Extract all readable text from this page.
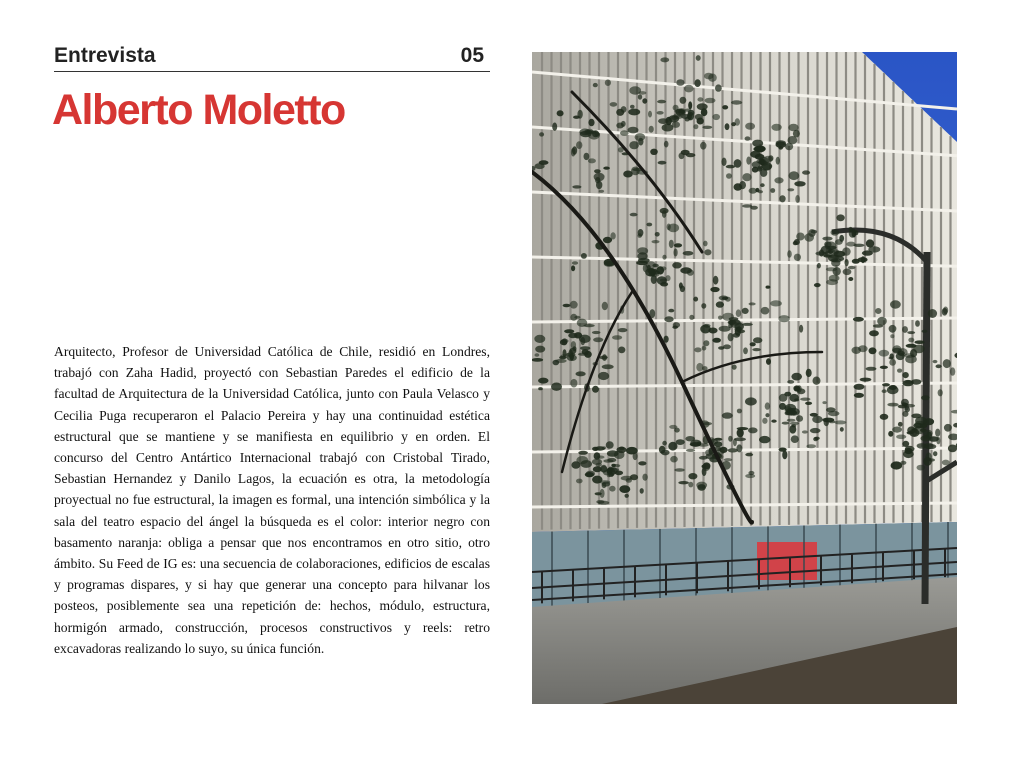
Entrevista	05
Alberto Moletto

Arquitecto, Profesor de Universidad Católica de Chile, residió en Londres, trabajó con Zaha Hadid, proyectó con Sebastian Paredes el edificio de la facultad de Arquitectura de la Universidad Católica, junto con Paula Velasco y Cecilia Puga recuperaron el Palacio Pereira y hay una continuidad estética estructural que se mantiene y se manifiesta en equilibrio y en orden. El concurso del Centro Antártico Internacional trabajó con Cristobal Tirado, Sebastian Hernandez y Danilo Lagos, la ecuación es otra, la metodología proyectual no fue estructural, la imagen es formal, una intención simbólica y la sala del teatro espacio del ángel la búsqueda es el color: interior negro con basamento naranja: obliga a pensar que nos encontramos en otro sitio, otro ámbito. Su Feed de IG es: una secuencia de colaboraciones, edificios de escalas y programas dispares, y si hay que generar una concepto para hilvanar los posteos, posiblemente sea una repetición de: hechos, módulo, estructura, hormigón armado, construcción, procesos constructivos y reels: retro excavadoras realizando lo suyo, su única función.
